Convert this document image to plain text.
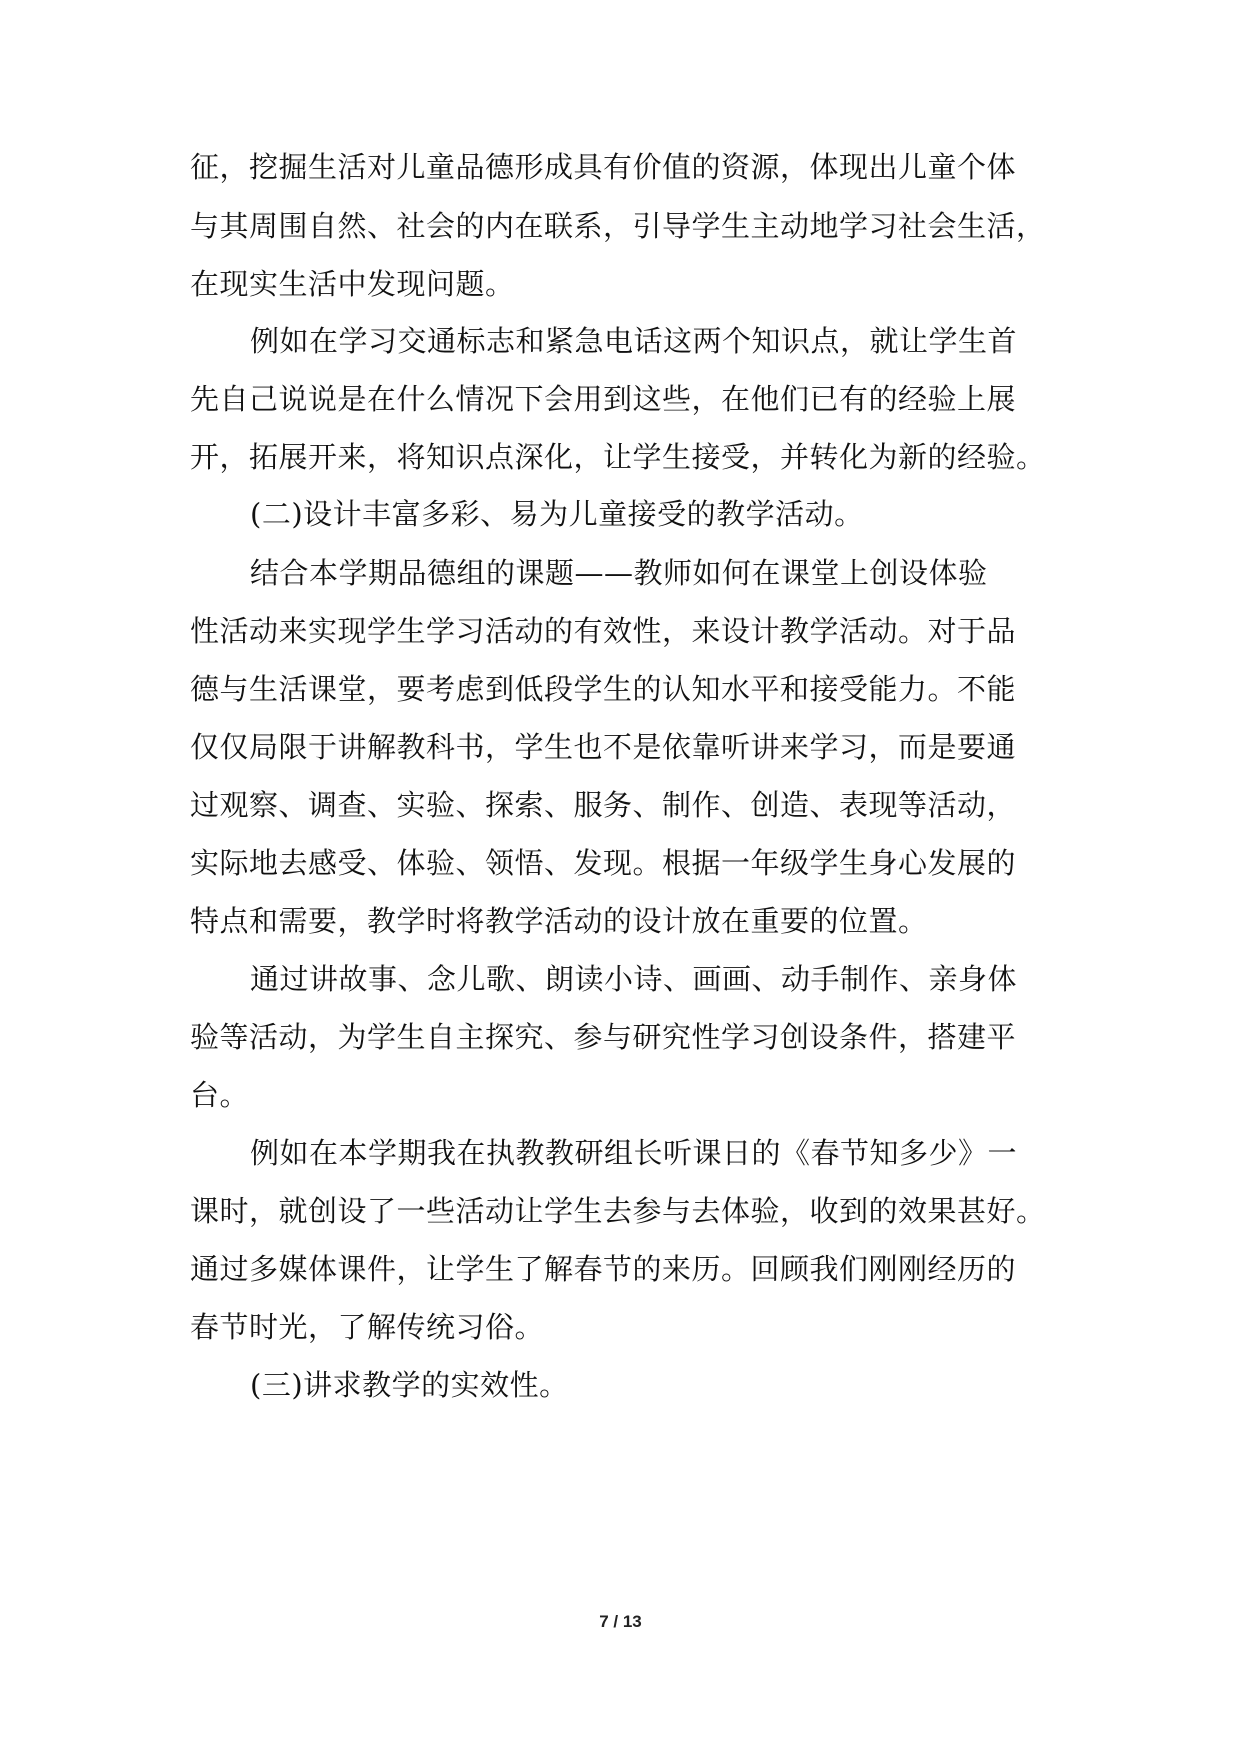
征，挖掘生活对儿童品德形成具有价值的资源，体现出儿童个体
与其周围自然、社会的内在联系，引导学生主动地学习社会生活，
在现实生活中发现问题。
例如在学习交通标志和紧急电话这两个知识点，就让学生首
先自己说说是在什么情况下会用到这些，在他们已有的经验上展
开，拓展开来，将知识点深化，让学生接受，并转化为新的经验。
(二)设计丰富多彩、易为儿童接受的教学活动。
结合本学期品德组的课题——教师如何在课堂上创设体验
性活动来实现学生学习活动的有效性，来设计教学活动。对于品
德与生活课堂，要考虑到低段学生的认知水平和接受能力。不能
仅仅局限于讲解教科书，学生也不是依靠听讲来学习，而是要通
过观察、调查、实验、探索、服务、制作、创造、表现等活动，
实际地去感受、体验、领悟、发现。根据一年级学生身心发展的
特点和需要，教学时将教学活动的设计放在重要的位置。
通过讲故事、念儿歌、朗读小诗、画画、动手制作、亲身体
验等活动，为学生自主探究、参与研究性学习创设条件，搭建平
台。
例如在本学期我在执教教研组长听课日的《春节知多少》一
课时，就创设了一些活动让学生去参与去体验，收到的效果甚好。
通过多媒体课件，让学生了解春节的来历。回顾我们刚刚经历的
春节时光，了解传统习俗。
(三)讲求教学的实效性。
7 / 13
